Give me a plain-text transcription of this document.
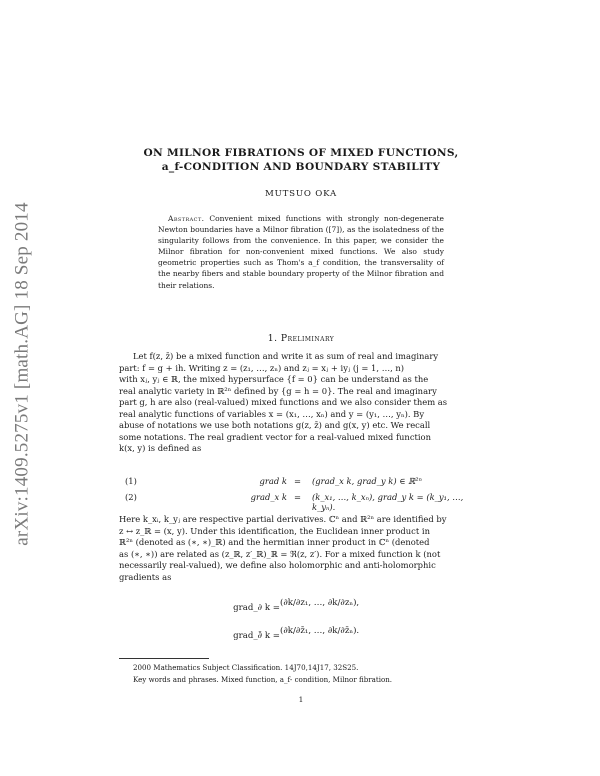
arXiv:1409.5275v1 [math.AG] 18 Sep 2014
ON MILNOR FIBRATIONS OF MIXED FUNCTIONS,
a_f-CONDITION AND BOUNDARY STABILITY
MUTSUO OKA
Abstract. Convenient mixed functions with strongly non-degenerate Newton boundaries have a Milnor fibration ([7]), as the isolatedness of the singularity follows from the convenience. In this paper, we consider the Milnor fibration for non-convenient mixed functions. We also study geometric properties such as Thom's a_f condition, the transversality of the nearby fibers and stable boundary property of the Milnor fibration and their relations.
1. Preliminary

Let f(z, z̄) be a mixed function and write it as sum of real and imaginary

part: f = g + ih. Writing z = (z₁, …, zₙ) and zⱼ = xⱼ + iyⱼ (j = 1, …, n)

with xⱼ, yⱼ ∈ ℝ, the mixed hypersurface {f = 0} can be understand as the

real analytic variety in ℝ²ⁿ defined by {g = h = 0}. The real and imaginary

part g, h are also (real-valued) mixed functions and we also consider them as

real analytic functions of variables x = (x₁, …, xₙ) and y = (y₁, …, yₙ). By

abuse of notations we use both notations g(z, z̄) and g(x, y) etc. We recall

some notations. The real gradient vector for a real-valued mixed function

k(x, y) is defined as

(1)	grad k = (grad_x k, grad_y k) ∈ ℝ²ⁿ
(2)	grad_x k = (k_x₁, …, k_xₙ), grad_y k = (k_y₁, …, k_yₙ).

Here k_xᵢ, k_yⱼ are respective partial derivatives. ℂⁿ and ℝ²ⁿ are identified by

z ↔ z_ℝ = (x, y). Under this identification, the Euclidean inner product in

ℝ²ⁿ (denoted as (∗, ∗)_ℝ) and the hermitian inner product in ℂⁿ (denoted

as (∗, ∗)) are related as (z_ℝ, z′_ℝ)_ℝ = ℜ(z, z′). For a mixed function k (not

necessarily real-valued), we define also holomorphic and anti-holomorphic

gradients as

grad_∂ k = (∂k/∂z₁, …, ∂k/∂zₙ),
grad_∂̄ k = (∂k/∂z̄₁, …, ∂k/∂z̄ₙ).
2000 Mathematics Subject Classification. 14J70,14J17, 32S25.
Key words and phrases. Mixed function, a_f- condition, Milnor fibration.
1
